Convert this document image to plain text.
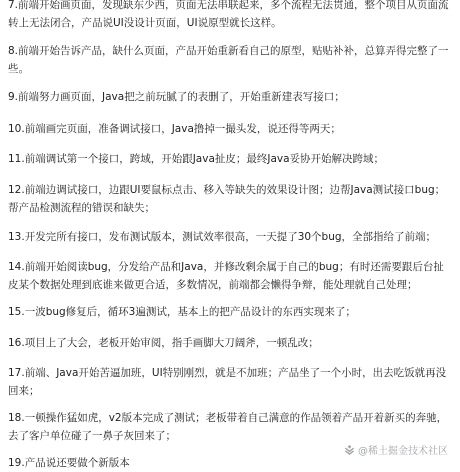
7.前端开始画页面，发现缺东少西，页面无法串联起来，多个流程无法贯通，整个项目从页面流转上无法闭合，产品说UI没设计页面，UI说原型就长这样。

8.前端开始告诉产品，缺什么页面，产品开始重新看自己的原型，贴贴补补，总算弄得完整了一些。

9.前端努力画页面，Java把之前玩腻了的表删了，开始重新建表写接口；

10.前端画完页面，准备调试接口，Java撸掉一撮头发，说还得等两天；

11.前端调试第一个接口，跨域，开始跟Java扯皮；最终Java妥协开始解决跨域；

12.前端边调试接口，边跟UI要鼠标点击、移入等缺失的效果设计图；边帮Java测试接口bug；帮产品检测流程的错误和缺失；

13.开发完所有接口，发布测试版本，测试效率很高，一天提了30个bug，全部指给了前端；

14.前端开始阅读bug，分发给产品和Java，并修改剩余属于自己的bug；有时还需要跟后台扯皮某个数据处理到底谁来做更合适，多数情况，前端都会懒得争辩，能处理就自己处理；

15.一波bug修复后，循环3遍测试，基本上的把产品设计的东西实现来了；

16.项目上了大会，老板开始审阅，指手画脚大刀阔斧，一顿乱改；

17.前端、Java开始苦逼加班，UI特别刚烈，就是不加班；产品坐了一个小时，出去吃饭就再没回来；

18.一顿操作猛如虎，v2版本完成了测试；老板带着自己满意的作品领着产品开着新买的奔驰，去了客户单位碰了一鼻子灰回来了；

19.产品说还要做个新版本

@稀土掘金技术社区
